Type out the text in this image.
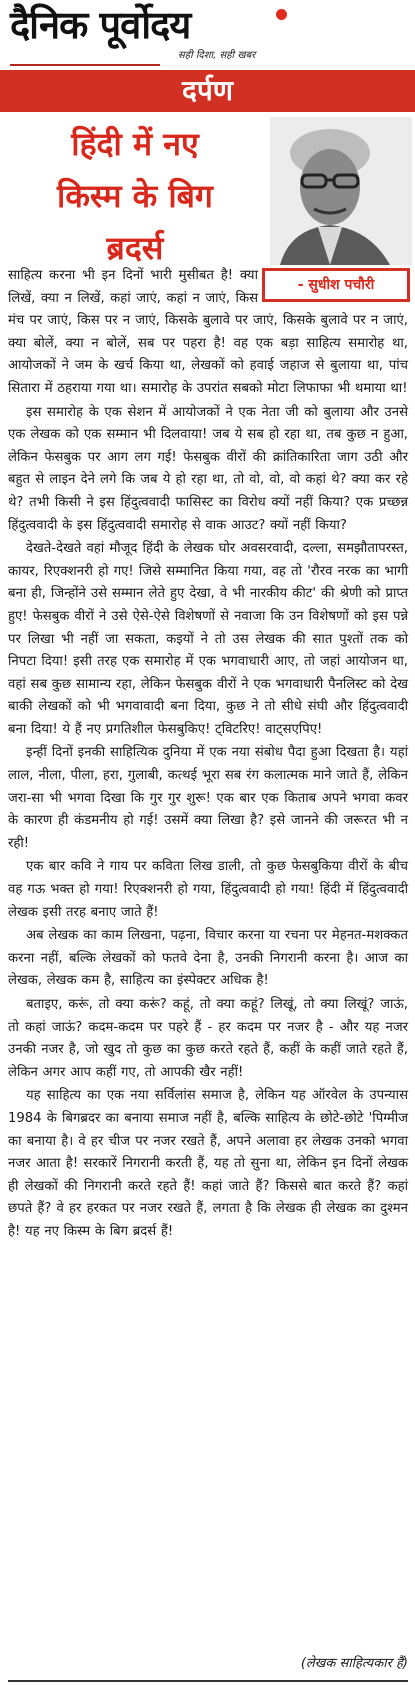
दैनिक पूर्वोदय
सही दिशा, सही खबर
दर्पण
हिंदी में नए
किस्म के बिग
ब्रदर्स
- सुधीश पचौरी

साहित्य करना भी इन दिनों भारी मुसीबत है! क्या लिखें, क्या न लिखें, कहां जाएं, कहां न जाएं, किस मंच पर जाएं, किस पर न जाएं, किसके बुलावे पर जाएं, किसके बुलावे पर न जाएं, क्या बोलें, क्या न बोलें, सब पर पहरा है! वह एक बड़ा साहित्य समारोह था, आयोजकों ने जम के खर्च किया था, लेखकों को हवाई जहाज से बुलाया था, पांच सितारा में ठहराया गया था। समारोह के उपरांत सबको मोटा लिफाफा भी थमाया था!

इस समारोह के एक सेशन में आयोजकों ने एक नेता जी को बुलाया और उनसे एक लेखक को एक सम्मान भी दिलवाया! जब ये सब हो रहा था, तब कुछ न हुआ, लेकिन फेसबुक पर आग लग गई! फेसबुक वीरों की क्रांतिकारिता जाग उठी और बहुत से लाइन देने लगे कि जब ये हो रहा था, तो वो, वो, वो कहां थे? क्या कर रहे थे? तभी किसी ने इस हिंदुत्ववादी फासिस्ट का विरोध क्यों नहीं किया? एक प्रच्छन्न हिंदुत्ववादी के इस हिंदुत्ववादी समारोह से वाक आउट? क्यों नहीं किया?

देखते-देखते वहां मौजूद हिंदी के लेखक घोर अवसरवादी, दल्ला, समझौतापरस्त, कायर, रिएक्शनरी हो गए! जिसे सम्मानित किया गया, वह तो 'रौरव नरक का भागी बना ही, जिन्होंने उसे सम्मान लेते हुए देखा, वे भी नारकीय कीट' की श्रेणी को प्राप्त हुए! फेसबुक वीरों ने उसे ऐसे-ऐसे विशेषणों से नवाजा कि उन विशेषणों को इस पन्ने पर लिखा भी नहीं जा सकता, कइयों ने तो उस लेखक की सात पुश्तों तक को निपटा दिया! इसी तरह एक समारोह में एक भगवाधारी आए, तो जहां आयोजन था, वहां सब कुछ सामान्य रहा, लेकिन फेसबुक वीरों ने एक भगवाधारी पैनलिस्ट को देख बाकी लेखकों को भी भगवावादी बना दिया, कुछ ने तो सीधे संघी और हिंदुत्ववादी बना दिया! ये हैं नए प्रगतिशील फेसबुकिए! ट्विटरिए! वाट्सएपिए!

इन्हीं दिनों इनकी साहित्यिक दुनिया में एक नया संबोध पैदा हुआ दिखता है। यहां लाल, नीला, पीला, हरा, गुलाबी, कत्थई भूरा सब रंग कलात्मक माने जाते हैं, लेकिन जरा-सा भी भगवा दिखा कि गुर गुर शुरू! एक बार एक किताब अपने भगवा कवर के कारण ही कंडमनीय हो गई! उसमें क्या लिखा है? इसे जानने की जरूरत भी न रही!

एक बार कवि ने गाय पर कविता लिख डाली, तो कुछ फेसबुकिया वीरों के बीच वह गऊ भक्त हो गया! रिएक्शनरी हो गया, हिंदुत्ववादी हो गया! हिंदी में हिंदुत्ववादी लेखक इसी तरह बनाए जाते हैं!

अब लेखक का काम लिखना, पढ़ना, विचार करना या रचना पर मेहनत-मशक्कत करना नहीं, बल्कि लेखकों को फतवे देना है, उनकी निगरानी करना है। आज का लेखक, लेखक कम है, साहित्य का इंस्पेक्टर अधिक है!

बताइए, करूं, तो क्या करूं? कहूं, तो क्या कहूं? लिखूं, तो क्या लिखूं? जाऊं, तो कहां जाऊं? कदम-कदम पर पहरे हैं - हर कदम पर नजर है - और यह नजर उनकी नजर है, जो खुद तो कुछ का कुछ करते रहते हैं, कहीं के कहीं जाते रहते हैं, लेकिन अगर आप कहीं गए, तो आपकी खैर नहीं!

यह साहित्य का एक नया सर्विलांस समाज है, लेकिन यह ऑरवेल के उपन्यास 1984 के बिगब्रदर का बनाया समाज नहीं है, बल्कि साहित्य के छोटे-छोटे 'पिग्मीज का बनाया है। वे हर चीज पर नजर रखते हैं, अपने अलावा हर लेखक उनको भगवा नजर आता है! सरकारें निगरानी करती हैं, यह तो सुना था, लेकिन इन दिनों लेखक ही लेखकों की निगरानी करते रहते हैं! कहां जाते हैं? किससे बात करते हैं? कहां छपते हैं? वे हर हरकत पर नजर रखते हैं, लगता है कि लेखक ही लेखक का दुश्मन है! यह नए किस्म के बिग ब्रदर्स हैं!

(लेखक साहित्यकार हैं)
